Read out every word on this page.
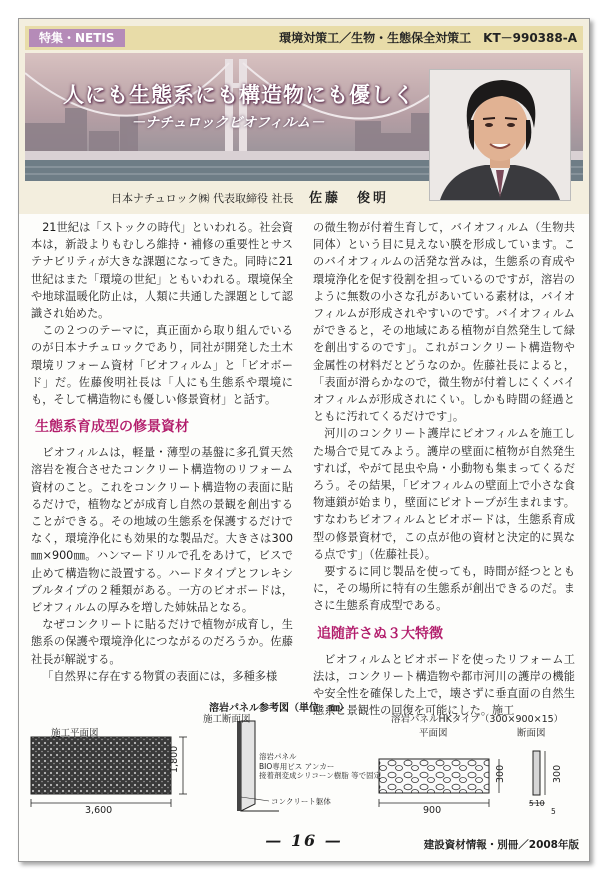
特集・NETIS	環境対策工／生物・生態保全対策工　KT－990388-A
人にも生態系にも構造物にも優しく
－ナチュロックビオフィルム－
日本ナチュロック㈱ 代表取締役 社長 佐藤　俊明

21世紀は「ストックの時代」といわれる。社会資本は，新設よりもむしろ維持・補修の重要性とサステナビリティが大きな課題になってきた。同時に21世紀はまた「環境の世紀」ともいわれる。環境保全や地球温暖化防止は，人類に共通した課題として認識され始めた。

この２つのテーマに，真正面から取り組んでいるのが日本ナチュロックであり，同社が開発した土木環境リフォーム資材「ビオフィルム」と「ビオボード」だ。佐藤俊明社長は「人にも生態系や環境にも，そして構造物にも優しい修景資材」と話す。

生態系育成型の修景資材

ビオフィルムは，軽量・薄型の基盤に多孔質天然溶岩を複合させたコンクリート構造物のリフォーム資材のこと。これをコンクリート構造物の表面に貼るだけで，植物などが成育し自然の景観を創出することができる。その地域の生態系を保護するだけでなく，環境浄化にも効果的な製品だ。大きさは300㎜×900㎜。ハンマードリルで孔をあけて，ビスで止めて構造物に設置する。ハードタイプとフレキシブルタイプの２種類がある。一方のビオボードは，ビオフィルムの厚みを増した姉妹品となる。

なぜコンクリートに貼るだけで植物が成育し，生態系の保護や環境浄化につながるのだろうか。佐藤社長が解説する。

「自然界に存在する物質の表面には，多種多様

の微生物が付着生育して，バイオフィルム（生物共同体）という目に見えない膜を形成しています。このバイオフィルムの活発な営みは，生態系の育成や環境浄化を促す役割を担っているのですが，溶岩のように無数の小さな孔があいている素材は，バイオフィルムが形成されやすいのです。バイオフィルムができると，その地域にある植物が自然発生して緑を創出するのです」。これがコンクリート構造物や金属性の材料だとどうなのか。佐藤社長によると，「表面が滑らかなので，微生物が付着しにくくバイオフィルムが形成されにくい。しかも時間の経過とともに汚れてくるだけです」。

河川のコンクリート護岸にビオフィルムを施工した場合で見てみよう。護岸の壁面に植物が自然発生すれば，やがて昆虫や鳥・小動物も集まってくるだろう。その結果，「ビオフィルムの壁面上で小さな食物連鎖が始まり，壁面にビオトープが生まれます。すなわちビオフィルムとビオボードは，生態系育成型の修景資材で，この点が他の資材と決定的に異なる点です」（佐藤社長）。

要するに同じ製品を使っても，時間が経つとともに，その場所に特有の生態系が創出できるのだ。まさに生態系育成型である。

追随許さぬ３大特徴

ビオフィルムとビオボードを使ったリフォーム工法は，コンクリート構造物や都市河川の護岸の機能や安全性を確保した上で，壊さずに垂直面の自然生態系と景観性の回復を可能にした。施工

溶岩パネル参考図（単位：㎜）
施工平面図
施工断面図
3,600
1,800	溶岩パネル
BIO専用ビス アンカー
接着剤変成シリコーン樹脂 等で固定
コンクリート躯体
溶岩パネルHKタイプ（300×900×15）
平面図	断面図
900
300	300
5 10
5
— 16 —	建設資材情報・別冊／2008年版
